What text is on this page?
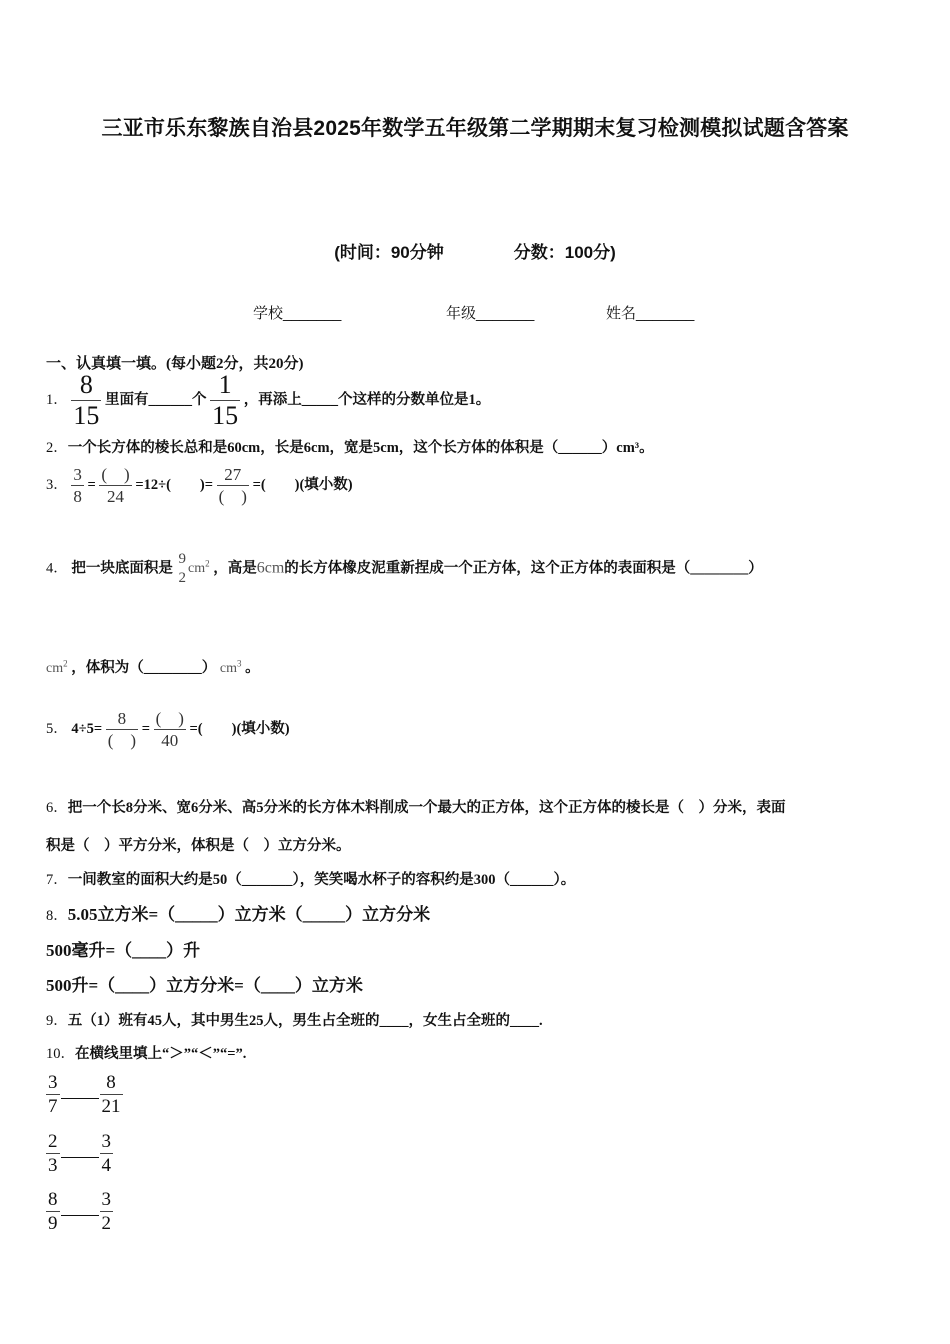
三亚市乐东黎族自治县2025年数学五年级第二学期期末复习检测模拟试题含答案
(时间：90分钟	分数：100分)
学校_______	年级_______	姓名_______
一、认真填一填。(每小题2分，共20分)
1． $\frac{8}{15}$ 里面有______个 $\frac{1}{15}$ ，再添上_____个这样的分数单位是1。
2．一个长方体的棱长总和是60cm，长是6cm，宽是5cm，这个长方体的体积是（______）cm³。
3． $\frac{3}{8} = \frac{( )}{24} =12\div$(　　)= $\frac{27}{( )}$ =(　　)(填小数)
4． 把一块底面积是
9
2
$cm^2$ ，高是6cm的长方体橡皮泥重新捏成一个正方体，这个正方体的表面积是（________）
$cm^2$ ，体积为（________） $cm^3$ 。
5． $4\div 5= \frac{8}{( )} = \frac{( )}{40}$ =(　　)(填小数)
6．把一个长8分米、宽6分米、高5分米的长方体木料削成一个最大的正方体，这个正方体的棱长是（　）分米，表面
积是（　）平方分米，体积是（　）立方分米。
7．一间教室的面积大约是50（_______），笑笑喝水杯子的容积约是300（______）。
8．5.05立方米=（_____）立方米（_____）立方分米
500毫升=（____）升
500升=（____）立方分米=（____）立方米
9．五（1）班有45人，其中男生25人，男生占全班的____，女生占全班的____.
10．在横线里填上“＞”“＜”“=”.
$\frac{3}{7} \frac{8}{21}$
$\frac{2}{3} \frac{3}{4}$
$\frac{8}{9} \frac{3}{2}$
